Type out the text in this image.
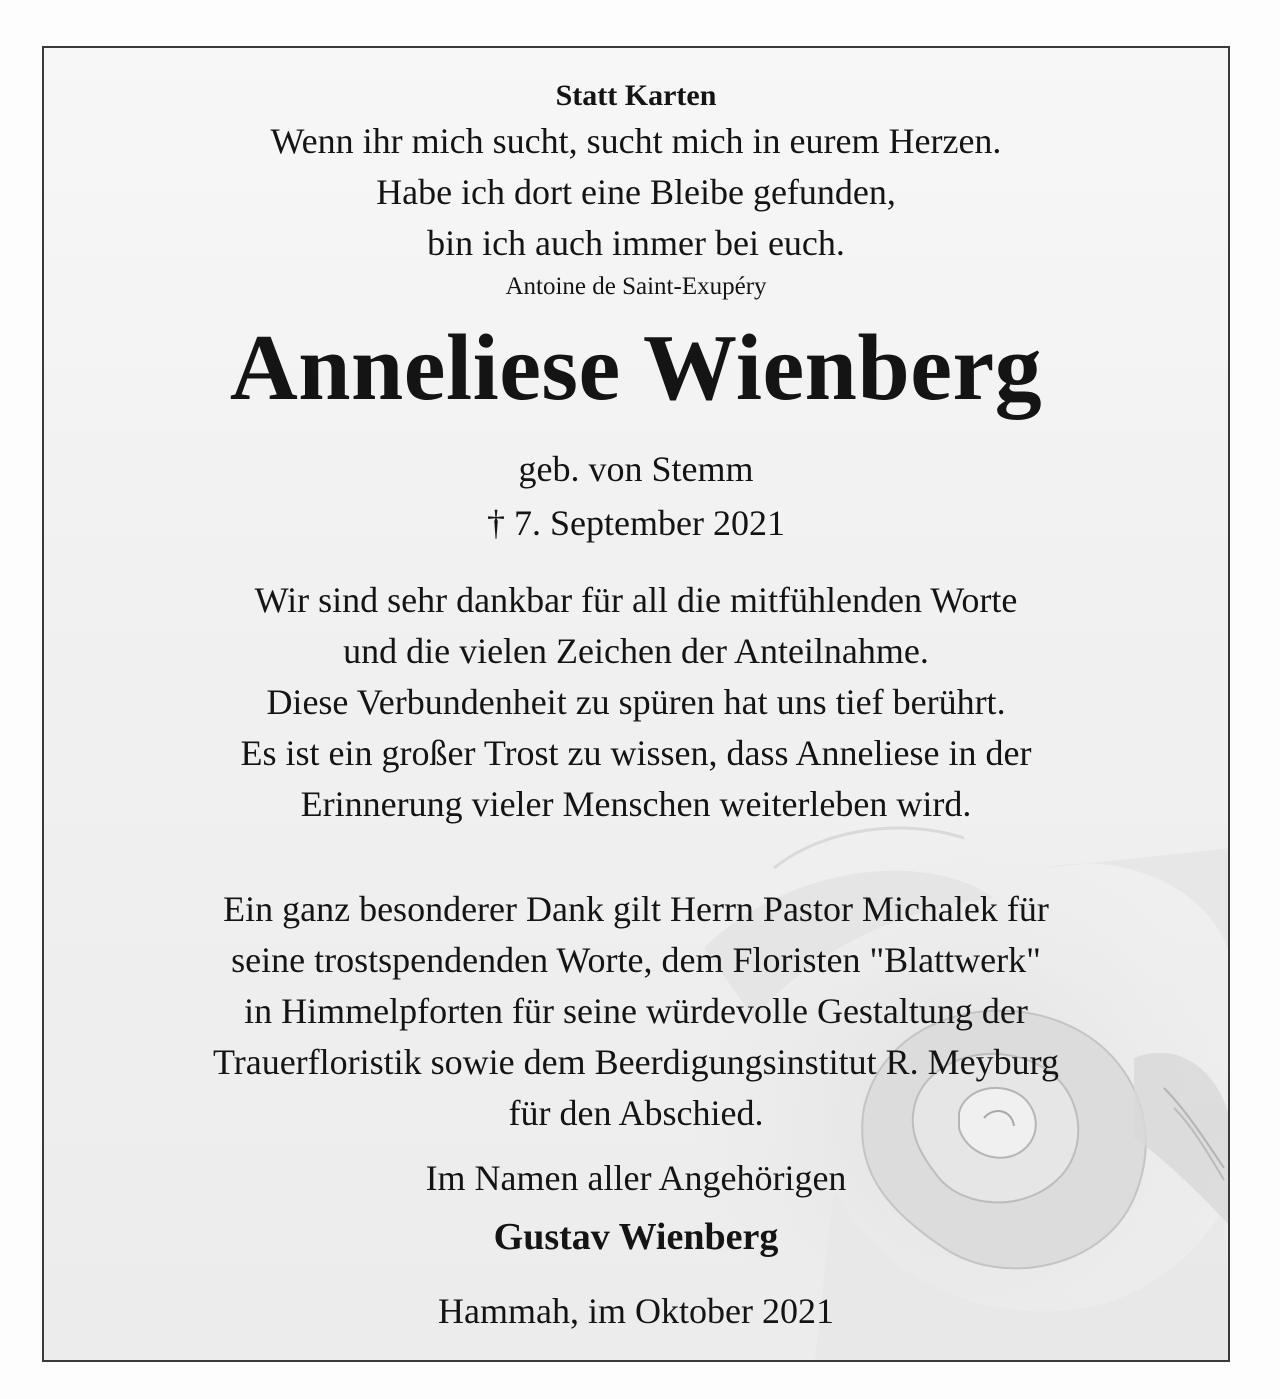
Statt Karten
Wenn ihr mich sucht, sucht mich in eurem Herzen.
Habe ich dort eine Bleibe gefunden,
bin ich auch immer bei euch.
Antoine de Saint-Exupéry
Anneliese Wienberg
geb. von Stemm
† 7. September 2021
Wir sind sehr dankbar für all die mitfühlenden Worte
und die vielen Zeichen der Anteilnahme.
Diese Verbundenheit zu spüren hat uns tief berührt.
Es ist ein großer Trost zu wissen, dass Anneliese in der
Erinnerung vieler Menschen weiterleben wird.
Ein ganz besonderer Dank gilt Herrn Pastor Michalek für
seine trostspendenden Worte, dem Floristen "Blattwerk"
in Himmelpforten für seine würdevolle Gestaltung der
Trauerfloristik sowie dem Beerdigungsinstitut R. Meyburg
für den Abschied.
Im Namen aller Angehörigen
Gustav Wienberg
Hammah, im Oktober 2021
